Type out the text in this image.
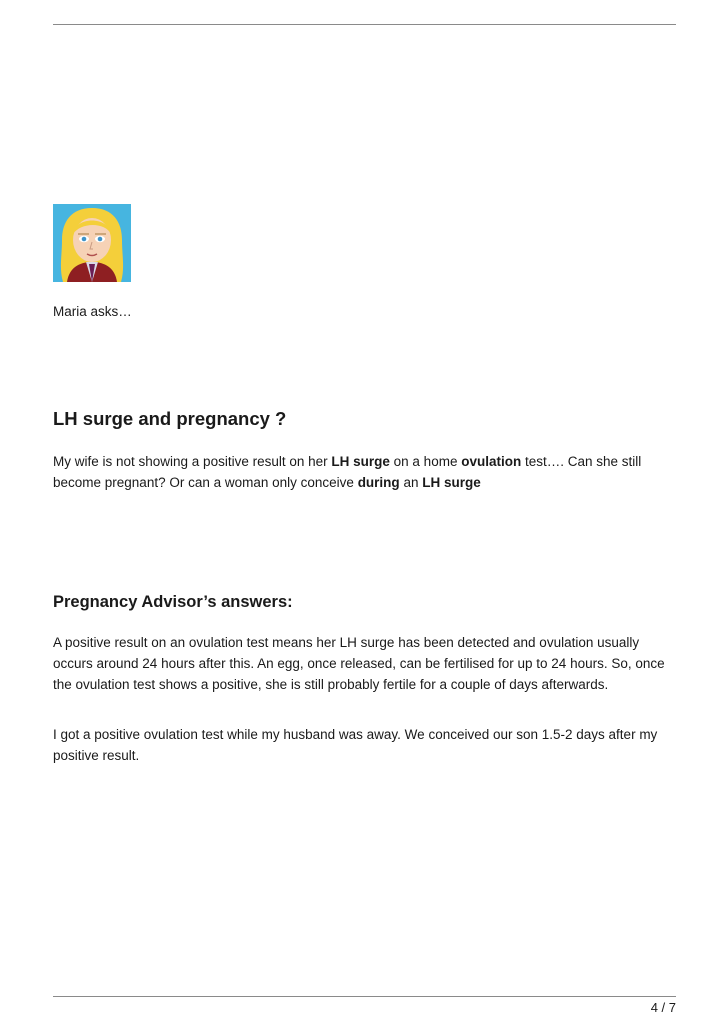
Maria asks…
LH surge and pregnancy ?

My wife is not showing a positive result on her LH surge on a home ovulation test…. Can she still become pregnant? Or can a woman only conceive during an LH surge

Pregnancy Advisor’s answers:

A positive result on an ovulation test means her LH surge has been detected and ovulation usually occurs around 24 hours after this. An egg, once released, can be fertilised for up to 24 hours. So, once the ovulation test shows a positive, she is still probably fertile for a couple of days afterwards.

I got a positive ovulation test while my husband was away. We conceived our son 1.5-2 days after my positive result.

4 / 7
